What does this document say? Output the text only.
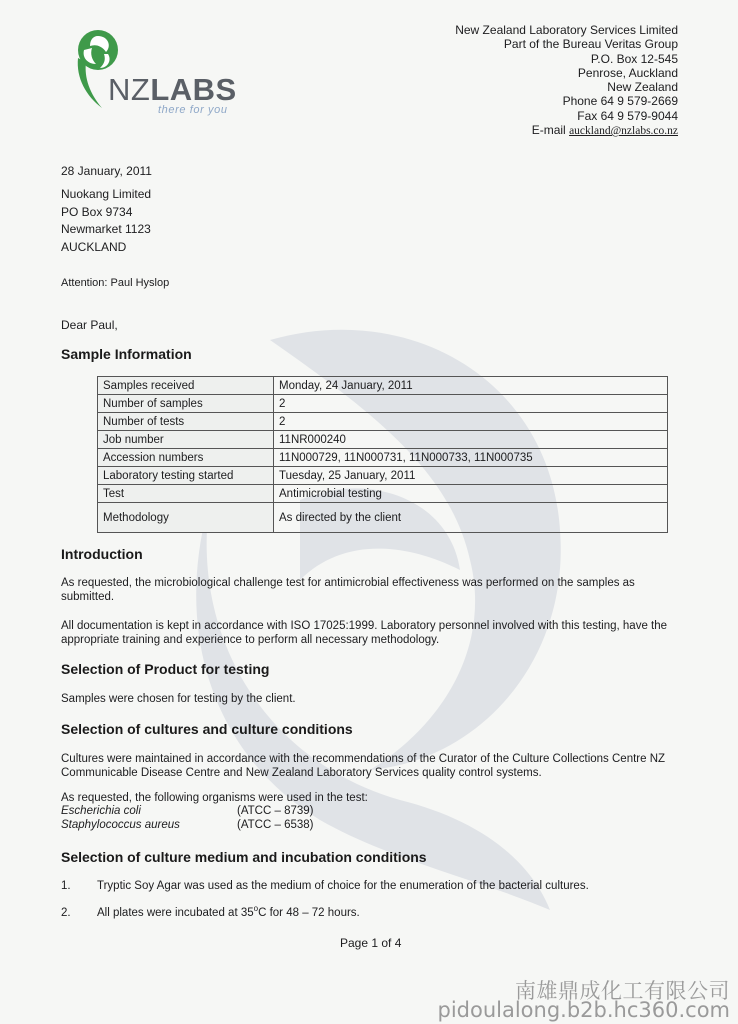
NZLABS
there for you
New Zealand Laboratory Services Limited
Part of the Bureau Veritas Group
P.O. Box 12-545
Penrose, Auckland
New Zealand
Phone 64 9 579-2669
Fax 64 9 579-9044
E-mail auckland@nzlabs.co.nz
28 January, 2011
Nuokang Limited
PO Box 9734
Newmarket 1123
AUCKLAND
Attention: Paul Hyslop
Dear Paul,
Sample Information
Samples received	Monday, 24 January, 2011
Number of samples	2
Number of tests	2
Job number	11NR000240
Accession numbers	11N000729, 11N000731, 11N000733, 11N000735
Laboratory testing started	Tuesday, 25 January, 2011
Test	Antimicrobial testing
Methodology	As directed by the client
Introduction

As requested, the microbiological challenge test for antimicrobial effectiveness was performed on the samples as submitted.

All documentation is kept in accordance with ISO 17025:1999. Laboratory personnel involved with this testing, have the appropriate training and experience to perform all necessary methodology.

Selection of Product for testing

Samples were chosen for testing by the client.

Selection of cultures and culture conditions

Cultures were maintained in accordance with the recommendations of the Curator of the Culture Collections Centre NZ Communicable Disease Centre and New Zealand Laboratory Services quality control systems.

As requested, the following organisms were used in the test:

Escherichia coli	(ATCC – 8739)
Staphylococcus aureus	(ATCC – 6538)
Selection of culture medium and incubation conditions
1.	Tryptic Soy Agar was used as the medium of choice for the enumeration of the bacterial cultures.
2.	All plates were incubated at 35$^o$C for 48 – 72 hours.
Page 1 of 4
南雄鼎成化工有限公司
pidoulalong.b2b.hc360.com
